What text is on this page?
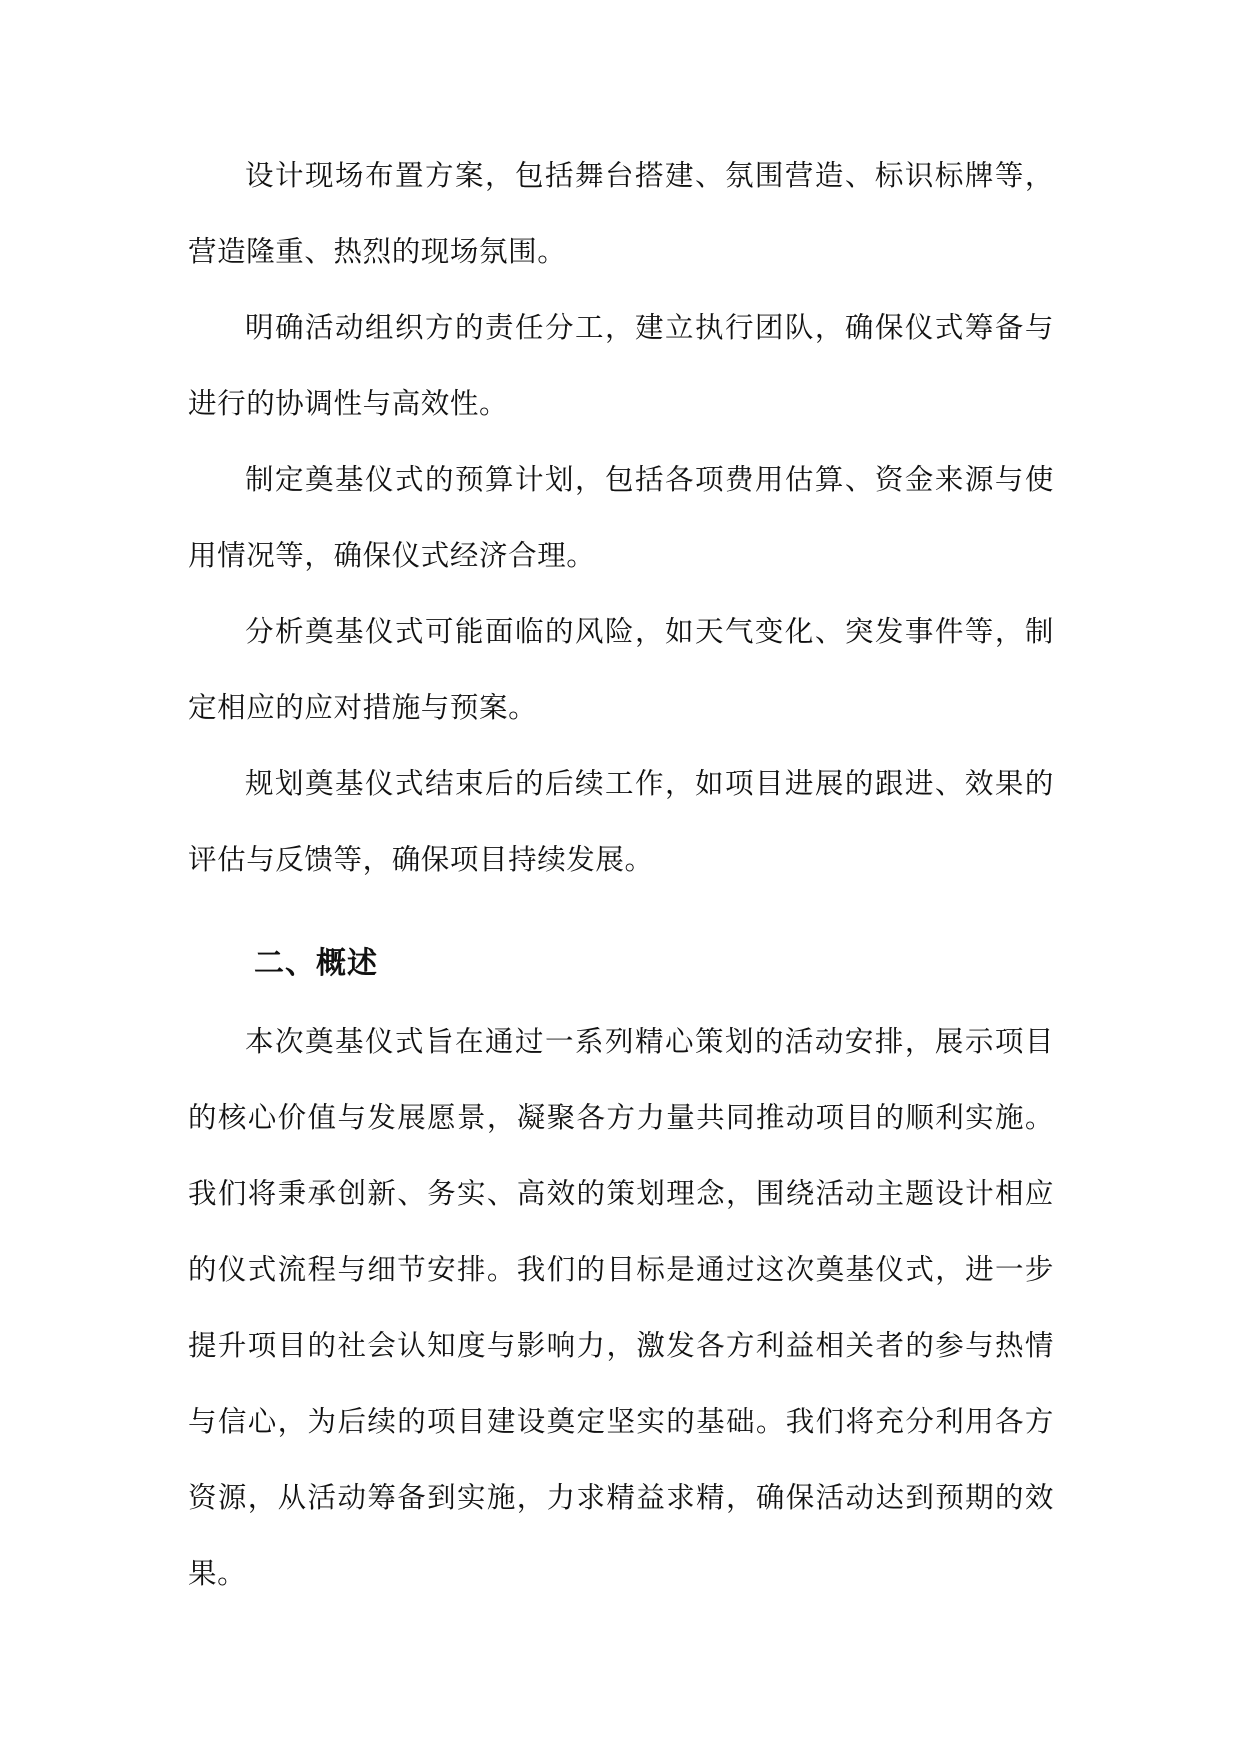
设计现场布置方案，包括舞台搭建、氛围营造、标识标牌等，营造隆重、热烈的现场氛围。

明确活动组织方的责任分工，建立执行团队，确保仪式筹备与进行的协调性与高效性。

制定奠基仪式的预算计划，包括各项费用估算、资金来源与使用情况等，确保仪式经济合理。

分析奠基仪式可能面临的风险，如天气变化、突发事件等，制定相应的应对措施与预案。

规划奠基仪式结束后的后续工作，如项目进展的跟进、效果的评估与反馈等，确保项目持续发展。

二、概述

本次奠基仪式旨在通过一系列精心策划的活动安排，展示项目的核心价值与发展愿景，凝聚各方力量共同推动项目的顺利实施。我们将秉承创新、务实、高效的策划理念，围绕活动主题设计相应的仪式流程与细节安排。我们的目标是通过这次奠基仪式，进一步提升项目的社会认知度与影响力，激发各方利益相关者的参与热情与信心，为后续的项目建设奠定坚实的基础。我们将充分利用各方资源，从活动筹备到实施，力求精益求精，确保活动达到预期的效果。
